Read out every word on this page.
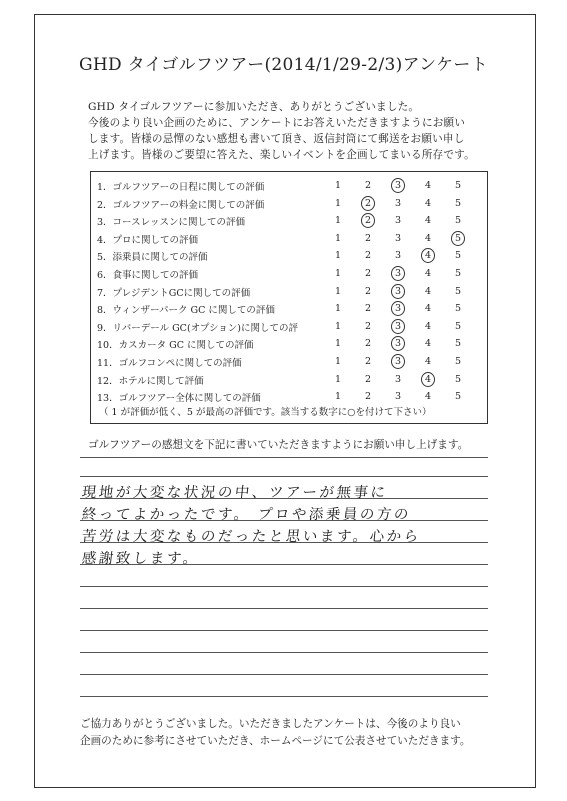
GHD タイゴルフツアー(2014/1/29-2/3)アンケート
GHD タイゴルフツアーに参加いただき、ありがとうございました。
今後のより良い企画のために、アンケートにお答えいただきますようにお願い
します。皆様の忌憚のない感想も書いて頂き、返信封筒にて郵送をお願い申し
上げます。皆様のご要望に答えた、楽しいイベントを企画してまいる所存です。
（ 1 が評価が低く、5 が最高の評価です。該当する数字に○を付けて下さい）
1．ゴルフツアーの日程に関しての評価	1	2	3	4	5
2．ゴルフツアーの料金に関しての評価	1	2	3	4	5
3．コースレッスンに関しての評価	1	2	3	4	5
4．プロに関しての評価	1	2	3	4	5
5．添乗員に関しての評価	1	2	3	4	5
6．食事に関しての評価	1	2	3	4	5
7．プレジデントGCに関しての評価	1	2	3	4	5
8．ウィンザーパーク GC に関しての評価	1	2	3	4	5
9．リバーデール GC(オプション)に関しての評	1	2	3	4	5
10．カスカータ GC に関しての評価	1	2	3	4	5
11．ゴルフコンペに関しての評価	1	2	3	4	5
12．ホテルに関して評価	1	2	3	4	5
13．ゴルフツアー全体に関しての評価	1	2	3	4	5
ゴルフツアーの感想文を下記に書いていただきますようにお願い申し上げます。
現地が大変な状況の中、ツアーが無事に
終ってよかったです。 プロや添乗員の方の
苦労は大変なものだったと思います。心から
感謝致します。
ご協力ありがとうございました。いただきましたアンケートは、今後のより良い
企画のために参考にさせていただき、ホームページにて公表させていただきます。
